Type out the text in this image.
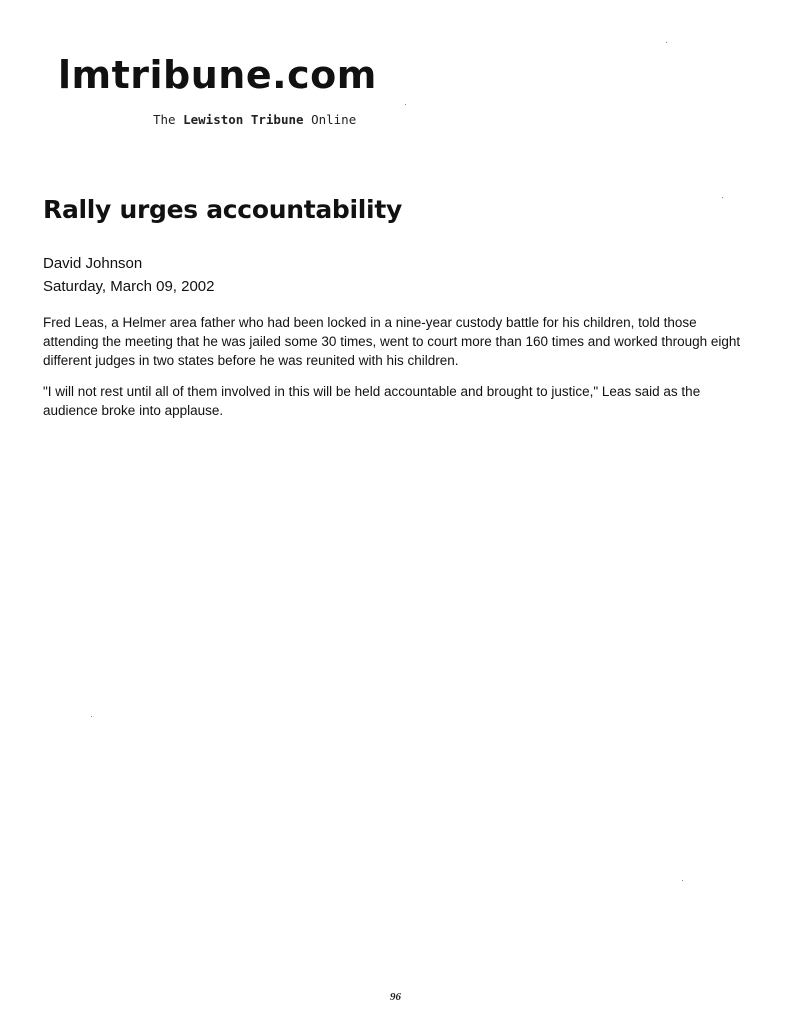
lmtribune.com
The Lewiston Tribune Online
Rally urges accountability
David Johnson
Saturday, March 09, 2002

Fred Leas, a Helmer area father who had been locked in a nine-year custody battle for his children, told those attending the meeting that he was jailed some 30 times, went to court more than 160 times and worked through eight different judges in two states before he was reunited with his children.

"I will not rest until all of them involved in this will be held accountable and brought to justice," Leas said as the audience broke into applause.

96
